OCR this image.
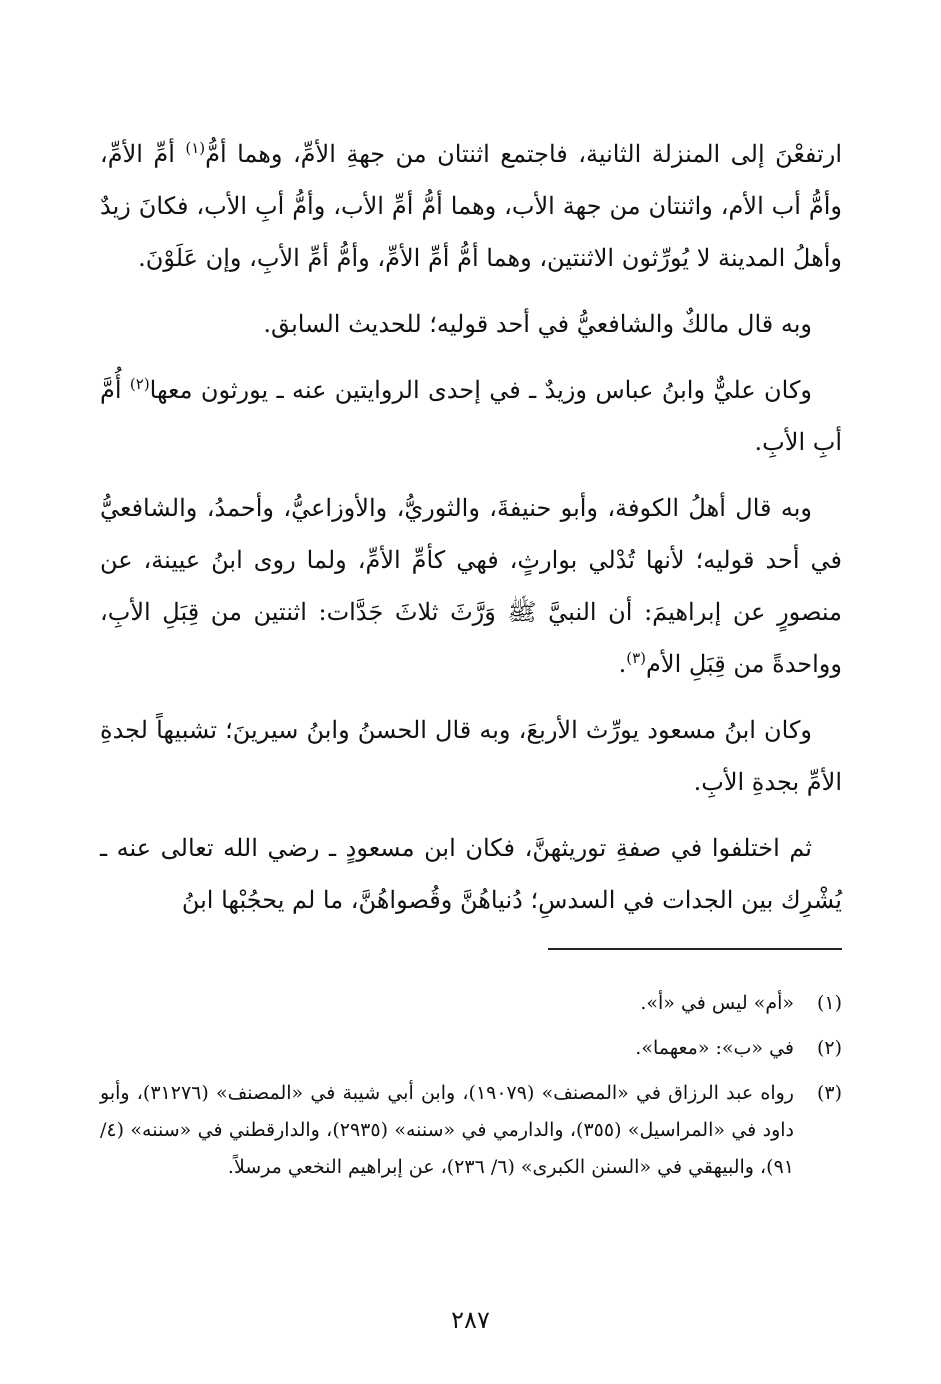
ارتفعْنَ إلى المنزلة الثانية، فاجتمع اثنتان من جهةِ الأمِّ، وهما أمُّ$^{(١)}$ أمِّ الأمِّ، وأمُّ أب الأم، واثنتان من جهة الأب، وهما أمُّ أمِّ الأب، وأمُّ أبِ الأب، فكانَ زيدٌ وأهلُ المدينة لا يُورِّثون الاثنتين، وهما أمُّ أمِّ الأمِّ، وأمُّ أمِّ الأبِ، وإن عَلَوْنَ.

وبه قال مالكٌ والشافعيُّ في أحد قوليه؛ للحديث السابق.

وكان عليٌّ وابنُ عباس وزيدٌ ـ في إحدى الروايتين عنه ـ يورثون معها$^{(٢)}$ أُمَّ أبِ الأبِ.

وبه قال أهلُ الكوفة، وأبو حنيفةَ، والثوريُّ، والأوزاعيُّ، وأحمدُ، والشافعيُّ في أحد قوليه؛ لأنها تُدْلي بوارثٍ، فهي كأمِّ الأمِّ، ولما روى ابنُ عيينة، عن منصورٍ عن إبراهيمَ: أن النبيَّ ﷺ وَرَّثَ ثلاثَ جَدَّات: اثنتين من قِبَلِ الأبِ، وواحدةً من قِبَلِ الأم$^{(٣)}$.

وكان ابنُ مسعود يورِّث الأربعَ، وبه قال الحسنُ وابنُ سيرينَ؛ تشبيهاً لجدةِ الأمِّ بجدةِ الأبِ.

ثم اختلفوا في صفةِ توريثهنَّ، فكان ابن مسعودٍ ـ رضي الله تعالى عنه ـ يُشْرِك بين الجدات في السدسِ؛ دُنياهُنَّ وقُصواهُنَّ، ما لم يحجُبْها ابنُ

(١)
«أم» ليس في «أ».
(٢)
في «ب»: «معهما».
(٣)
رواه عبد الرزاق في «المصنف» (١٩٠٧٩)، وابن أبي شيبة في «المصنف» (٣١٢٧٦)، وأبو داود في «المراسيل» (٣٥٥)، والدارمي في «سننه» (٢٩٣٥)، والدارقطني في «سننه» (٤/ ٩١)، والبيهقي في «السنن الكبرى» (٦/ ٢٣٦)، عن إبراهيم النخعي مرسلاً.
٢٨٧
